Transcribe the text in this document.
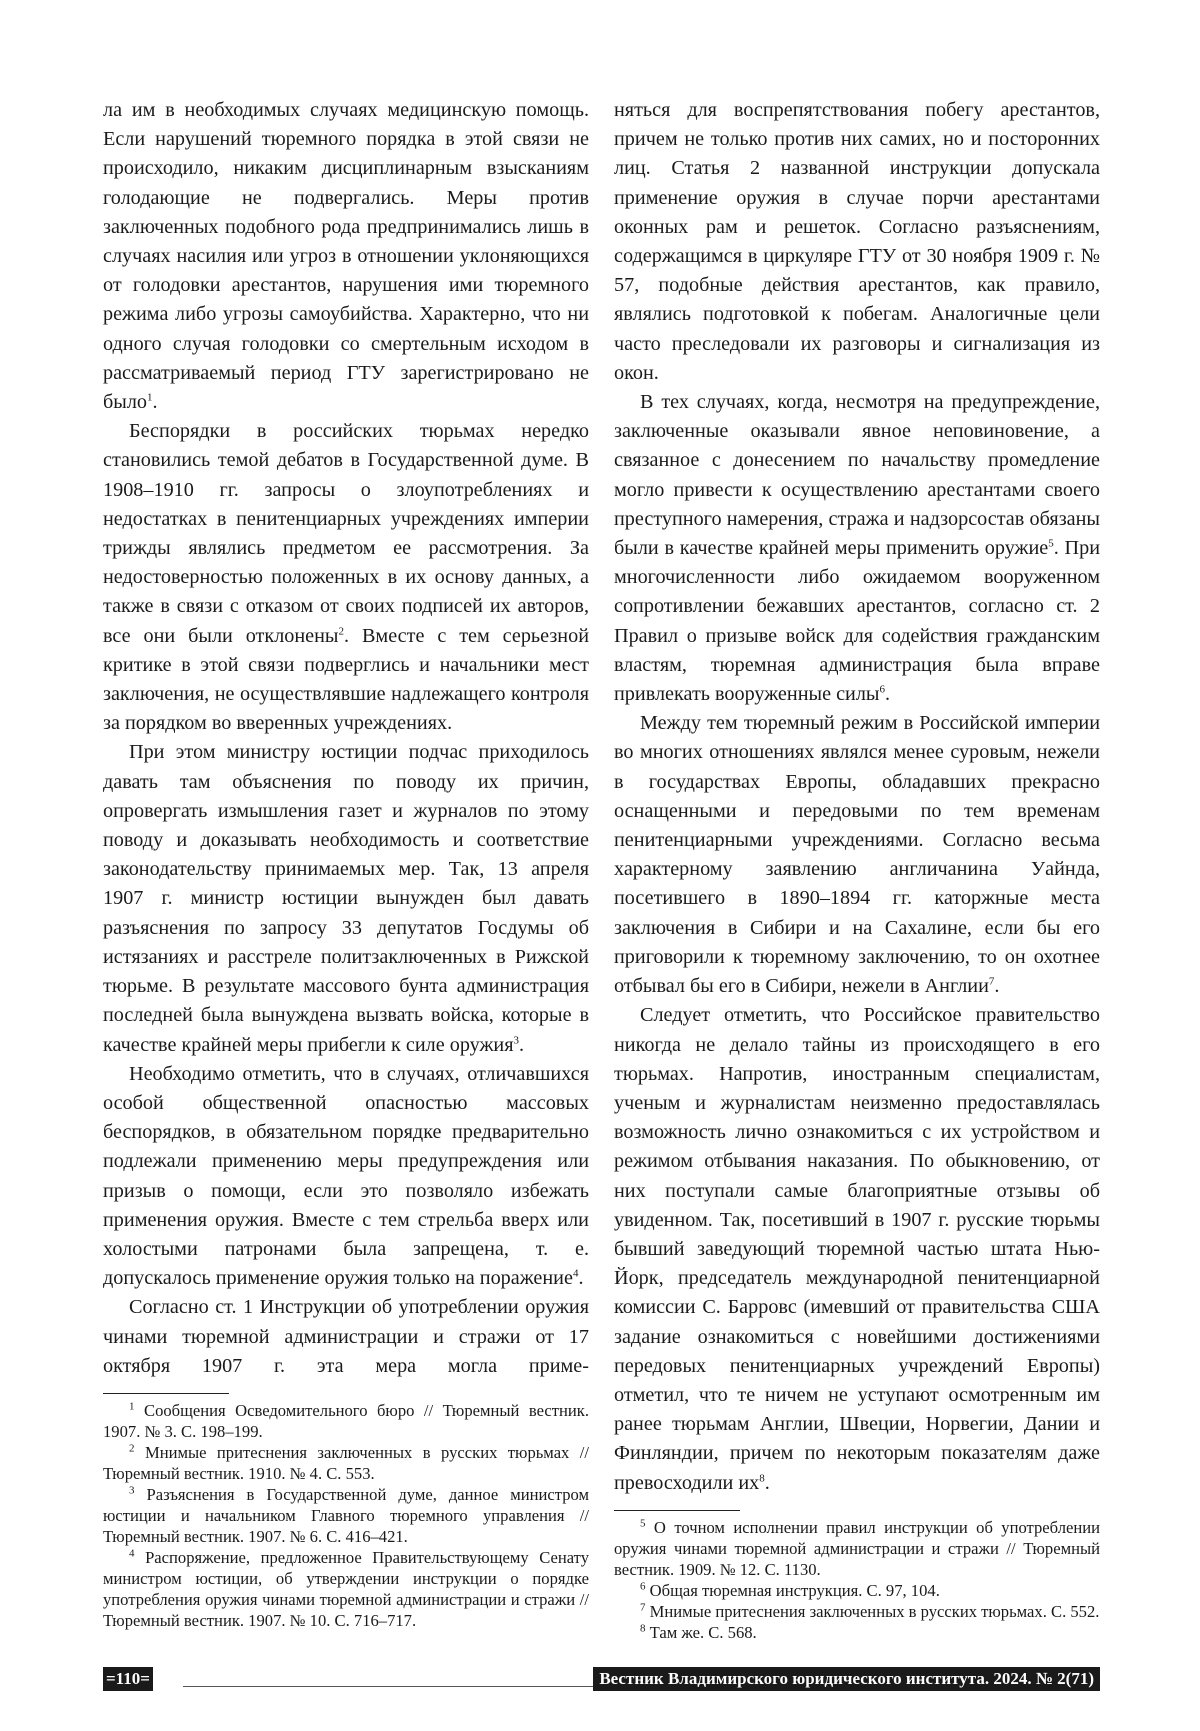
ла им в необходимых случаях медицинскую помощь. Если нарушений тюремного порядка в этой связи не происходило, никаким дисциплинарным взысканиям голодающие не подвергались. Меры против заключенных подобного рода предпринимались лишь в случаях насилия или угроз в отношении уклоняющихся от голодовки арестантов, нарушения ими тюремного режима либо угрозы самоубийства. Характерно, что ни одного случая голодовки со смертельным исходом в рассматриваемый период ГТУ зарегистрировано не было1.

Беспорядки в российских тюрьмах нередко становились темой дебатов в Государственной думе. В 1908–1910 гг. запросы о злоупотреблениях и недостатках в пенитенциарных учреждениях империи трижды являлись предметом ее рассмотрения. За недостоверностью положенных в их основу данных, а также в связи с отказом от своих подписей их авторов, все они были отклонены2. Вместе с тем серьезной критике в этой связи подверглись и начальники мест заключения, не осуществлявшие надлежащего контроля за порядком во вверенных учреждениях.

При этом министру юстиции подчас приходилось давать там объяснения по поводу их причин, опровергать измышления газет и журналов по этому поводу и доказывать необходимость и соответствие законодательству принимаемых мер. Так, 13 апреля 1907 г. министр юстиции вынужден был давать разъяснения по запросу 33 депутатов Госдумы об истязаниях и расстреле политзаключенных в Рижской тюрьме. В результате массового бунта администрация последней была вынуждена вызвать войска, которые в качестве крайней меры прибегли к силе оружия3.

Необходимо отметить, что в случаях, отличавшихся особой общественной опасностью массовых беспорядков, в обязательном порядке предварительно подлежали применению меры предупреждения или призыв о помощи, если это позволяло избежать применения оружия. Вместе с тем стрельба вверх или холостыми патронами была запрещена, т. е. допускалось применение оружия только на поражение4.

Согласно ст. 1 Инструкции об употреблении оружия чинами тюремной администрации и стражи от 17 октября 1907 г. эта мера могла приме-

1 Сообщения Осведомительного бюро // Тюремный вестник. 1907. № 3. С. 198–199.

2 Мнимые притеснения заключенных в русских тюрьмах // Тюремный вестник. 1910. № 4. С. 553.

3 Разъяснения в Государственной думе, данное министром юстиции и начальником Главного тюремного управления // Тюремный вестник. 1907. № 6. С. 416–421.

4 Распоряжение, предложенное Правительствующему Сенату министром юстиции, об утверждении инструкции о порядке употребления оружия чинами тюремной администрации и стражи // Тюремный вестник. 1907. № 10. С. 716–717.

няться для воспрепятствования побегу арестантов, причем не только против них самих, но и посторонних лиц. Статья 2 названной инструкции допускала применение оружия в случае порчи арестантами оконных рам и решеток. Согласно разъяснениям, содержащимся в циркуляре ГТУ от 30 ноября 1909 г. № 57, подобные действия арестантов, как правило, являлись подготовкой к побегам. Аналогичные цели часто преследовали их разговоры и сигнализация из окон.

В тех случаях, когда, несмотря на предупреждение, заключенные оказывали явное неповиновение, а связанное с донесением по начальству промедление могло привести к осуществлению арестантами своего преступного намерения, стража и надзорсостав обязаны были в качестве крайней меры применить оружие5. При многочисленности либо ожидаемом вооруженном сопротивлении бежавших арестантов, согласно ст. 2 Правил о призыве войск для содействия гражданским властям, тюремная администрация была вправе привлекать вооруженные силы6.

Между тем тюремный режим в Российской империи во многих отношениях являлся менее суровым, нежели в государствах Европы, обладавших прекрасно оснащенными и передовыми по тем временам пенитенциарными учреждениями. Согласно весьма характерному заявлению англичанина Уайнда, посетившего в 1890–1894 гг. каторжные места заключения в Сибири и на Сахалине, если бы его приговорили к тюремному заключению, то он охотнее отбывал бы его в Сибири, нежели в Англии7.

Следует отметить, что Российское правительство никогда не делало тайны из происходящего в его тюрьмах. Напротив, иностранным специалистам, ученым и журналистам неизменно предоставлялась возможность лично ознакомиться с их устройством и режимом отбывания наказания. По обыкновению, от них поступали самые благоприятные отзывы об увиденном. Так, посетивший в 1907 г. русские тюрьмы бывший заведующий тюремной частью штата Нью-Йорк, председатель международной пенитенциарной комиссии С. Барровс (имевший от правительства США задание ознакомиться с новейшими достижениями передовых пенитенциарных учреждений Европы) отметил, что те ничем не уступают осмотренным им ранее тюрьмам Англии, Швеции, Норвегии, Дании и Финляндии, причем по некоторым показателям даже превосходили их8.

5 О точном исполнении правил инструкции об употреблении оружия чинами тюремной администрации и стражи // Тюремный вестник. 1909. № 12. С. 1130.

6 Общая тюремная инструкция. С. 97, 104.

7 Мнимые притеснения заключенных в русских тюрьмах. С. 552.

8 Там же. С. 568.

=110=	Вестник Владимирского юридического института. 2024. № 2(71)
